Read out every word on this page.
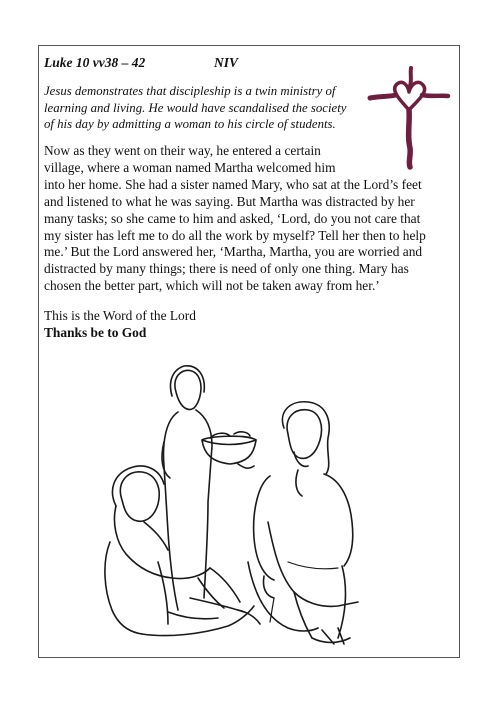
Luke 10 vv38 – 42	NIV
Jesus demonstrates that discipleship is a twin ministry of
learning and living. He would have scandalised the society
of his day by admitting a woman to his circle of students.
Now as they went on their way, he entered a certain
village, where a woman named Martha welcomed him
into her home. She had a sister named Mary, who sat at the Lord’s feet
and listened to what he was saying. But Martha was distracted by her
many tasks; so she came to him and asked, ‘Lord, do you not care that
my sister has left me to do all the work by myself? Tell her then to help
me.’ But the Lord answered her, ‘Martha, Martha, you are worried and
distracted by many things; there is need of only one thing. Mary has
chosen the better part, which will not be taken away from her.’
This is the Word of the Lord
Thanks be to God
